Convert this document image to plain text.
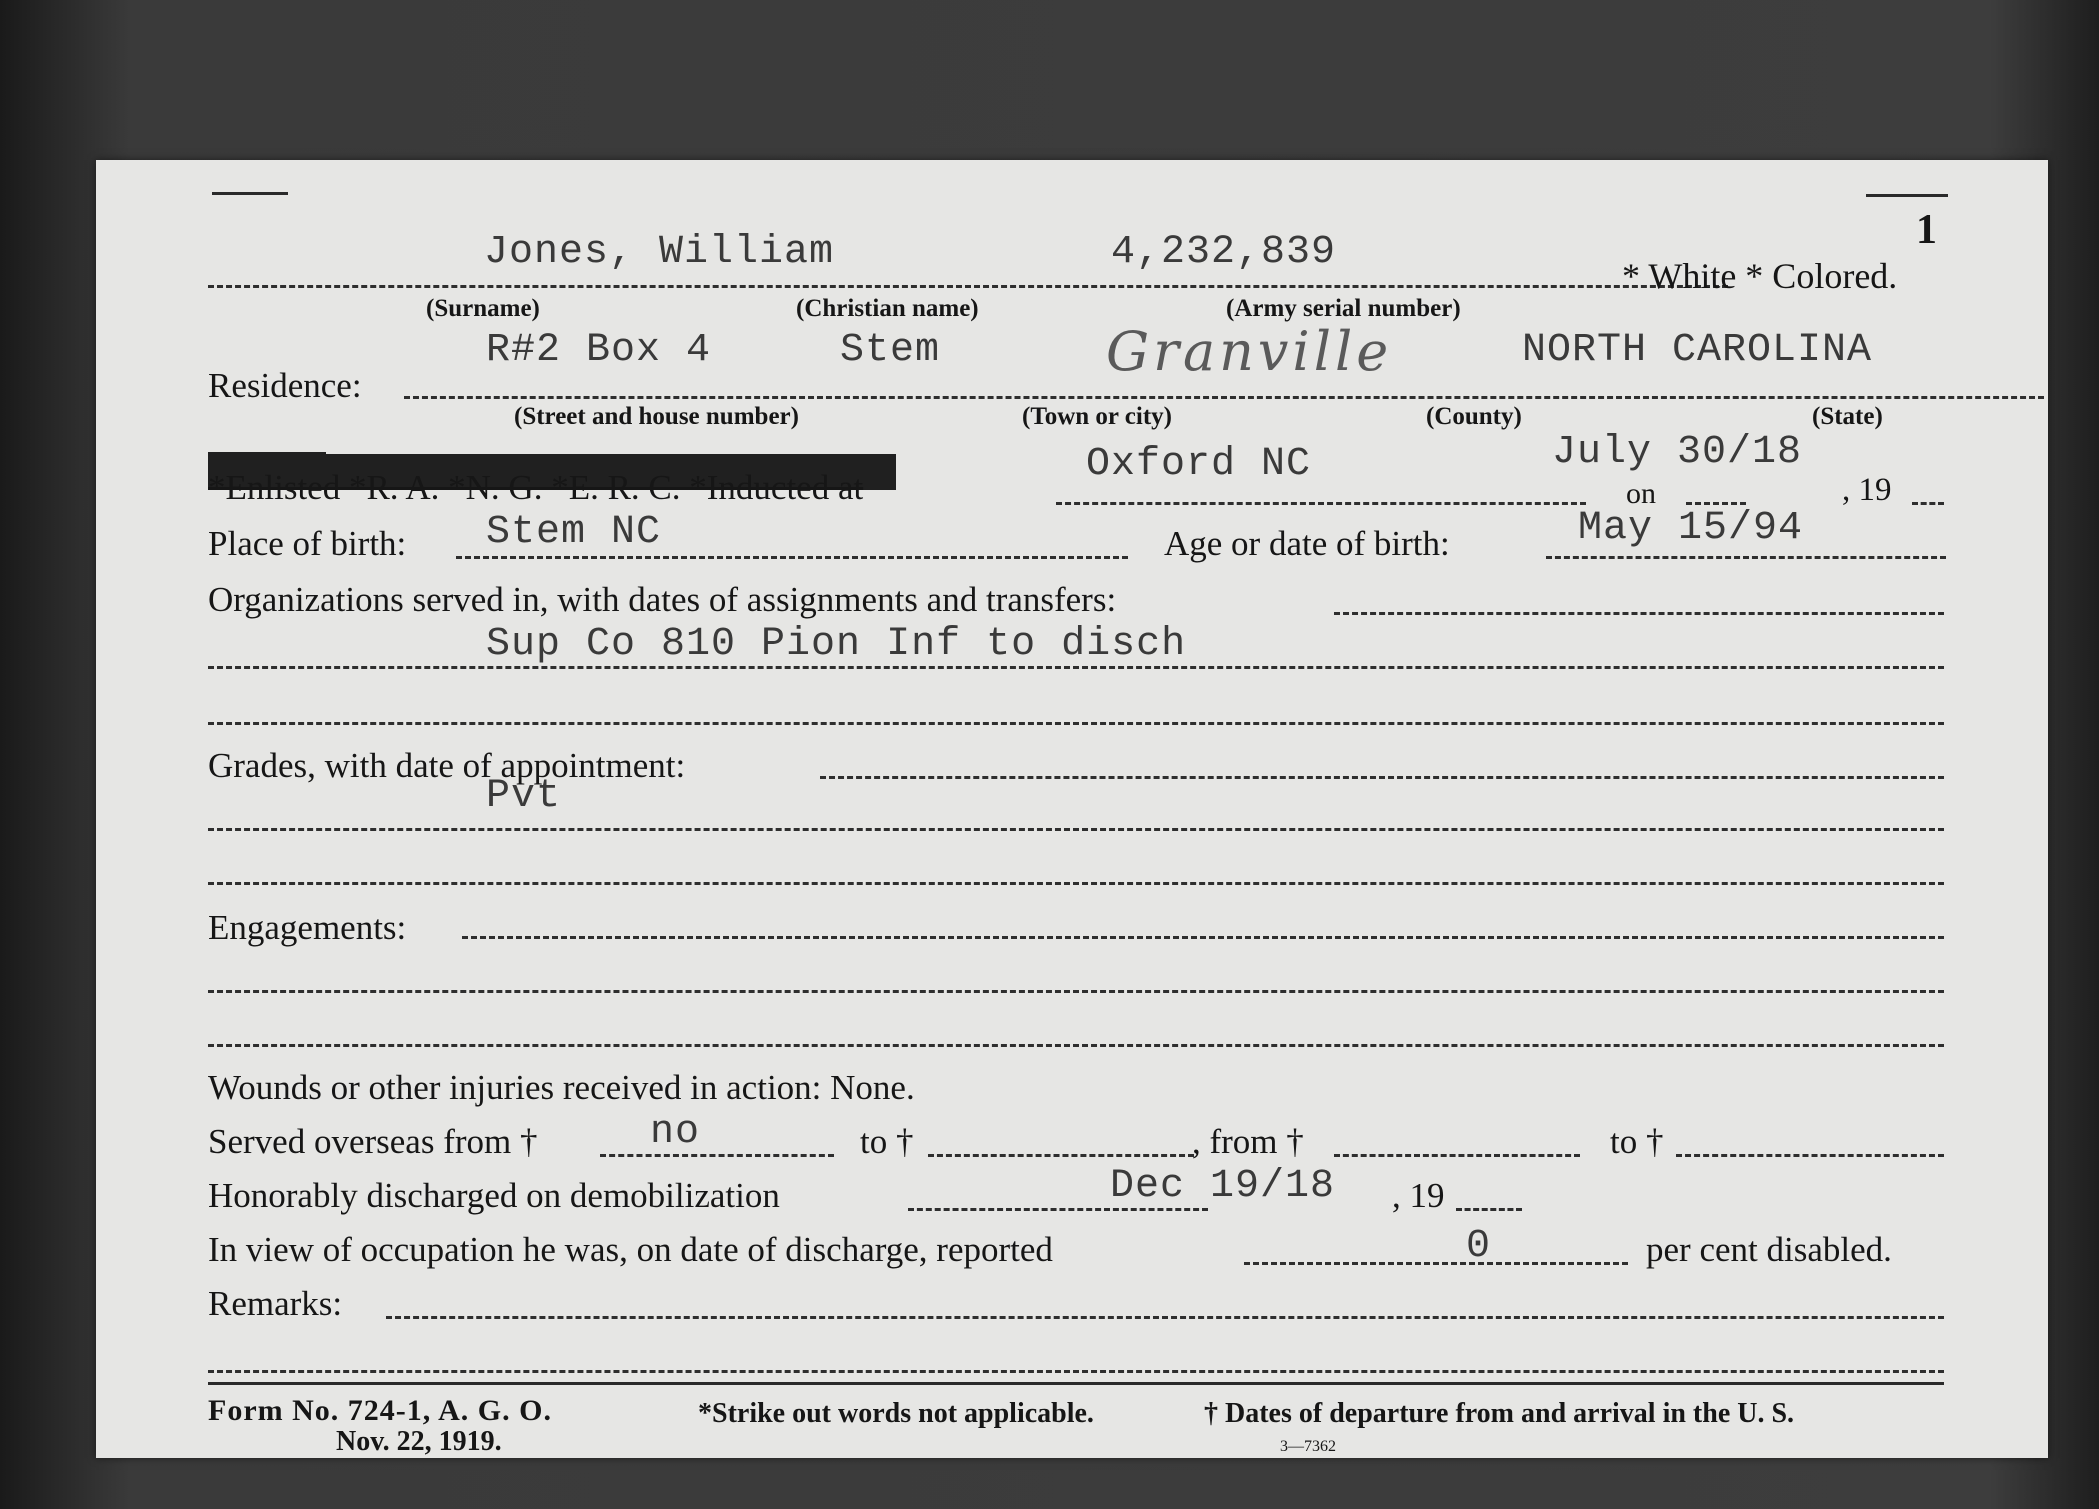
1
Jones, William	4,232,839
* White * Colored.
(Surname)	(Christian name)	(Army serial number)
Residence:
R#2 Box 4	Stem	Granville	NORTH CAROLINA
(Street and house number)	(Town or city)	(County)	(State)
*Enlisted *R. A. *N. G. *E. R. C. *Inducted at
Oxford NC	July 30/18
on	, 19
Place of birth: Stem NC	Age or date of birth:	May 15/94
Organizations served in, with dates of assignments and transfers:
Sup Co 810 Pion Inf to disch
Grades, with date of appointment:
Pvt
Engagements:
Wounds or other injuries received in action: None.
Served overseas from †	no	to †	, from †	to †
Honorably discharged on demobilization	Dec 19/18 , 19
In view of occupation he was, on date of discharge, reported	0	per cent disabled.
Remarks:
Form No. 724-1, A. G. O.
Nov. 22, 1919.
*Strike out words not applicable.	† Dates of departure from and arrival in the U. S.
3—7362
